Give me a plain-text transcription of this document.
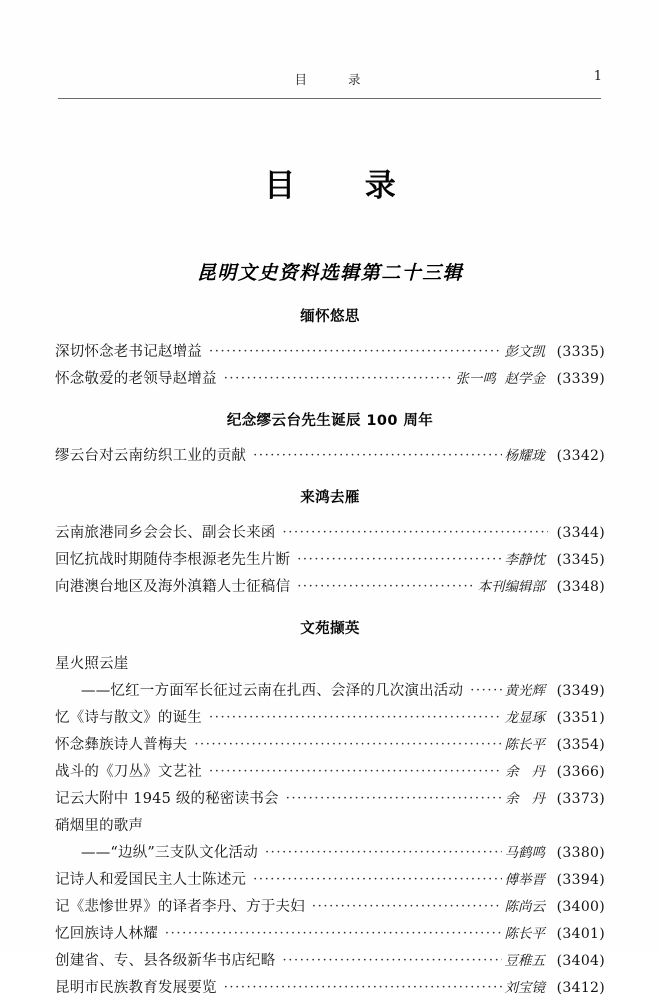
目    录	1
目  录
昆明文史资料选辑第二十三辑
缅怀悠思
深切怀念老书记赵增益 ·····	彭文凯 (3335)
怀念敬爱的老领导赵增益 ·····	张一鸣  赵学金 (3339)
纪念缪云台先生诞辰 100 周年
缪云台对云南纺织工业的贡献 ·····	杨耀珑 (3342)
来鸿去雁
云南旅港同乡会会长、副会长来函 ·····	(3344)
回忆抗战时期随侍李根源老先生片断 ·····	李静忱 (3345)
向港澳台地区及海外滇籍人士征稿信 ·····	本刊编辑部 (3348)
文苑撷英
星火照云崖
——忆红一方面军长征过云南在扎西、会泽的几次演出活动 ·····	黄光辉 (3349)
忆《诗与散文》的诞生 ·····	龙显琢 (3351)
怀念彝族诗人普梅夫 ·····	陈长平 (3354)
战斗的《刀丛》文艺社 ·····	余   丹 (3366)
记云大附中 1945 级的秘密读书会 ·····	余   丹 (3373)
硝烟里的歌声
——“边纵”三支队文化活动 ·····	马鹤鸣 (3380)
记诗人和爱国民主人士陈述元 ·····	傅举晋 (3394)
记《悲惨世界》的译者李丹、方于夫妇 ·····	陈尚云 (3400)
忆回族诗人林耀 ·····	陈长平 (3401)
创建省、专、县各级新华书店纪略 ·····	豆稚五 (3404)
昆明市民族教育发展要览 ·····	刘宝镜 (3412)
